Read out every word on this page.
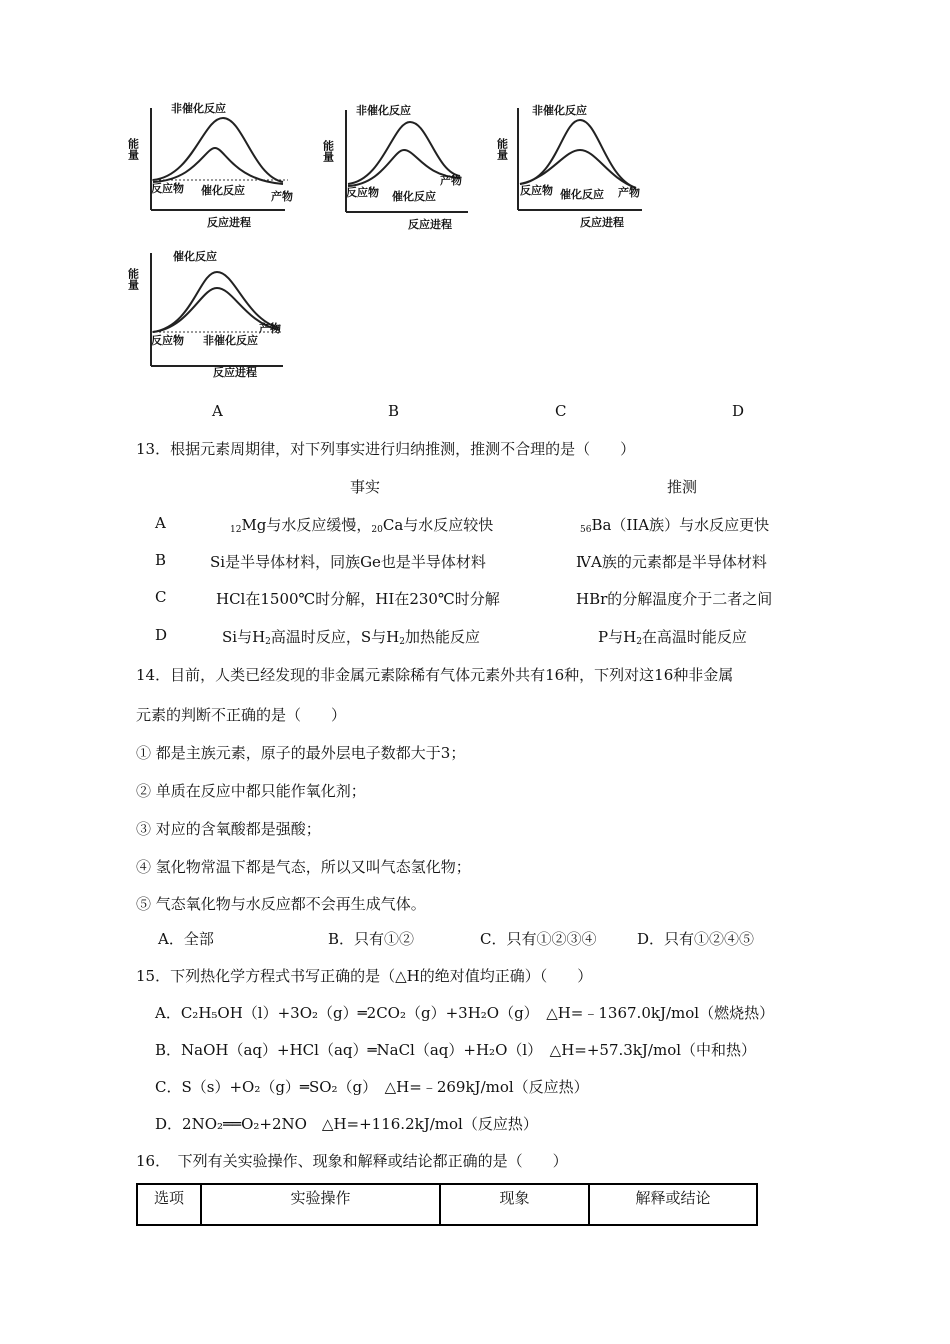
能量
非催化反应
反应物 催化反应 产物
反应进程
能量
非催化反应
反应物 催化反应
产物
反应进程
能量
非催化反应
反应物 催化反应 产物
反应进程
能量
催化反应
反应物 非催化反应
产物
反应进程
A	B	C	D
13．根据元素周期律，对下列事实进行归纳推测，推测不合理的是（　　）
事实	推测
A	$_{12}$Mg与水反应缓慢，$_{20}$Ca与水反应较快	$_{56}$Ba（IIA族）与水反应更快
B	Si是半导体材料，同族Ge也是半导体材料	ⅣA族的元素都是半导体材料
C	HCl在1500℃时分解，HI在230℃时分解	HBr的分解温度介于二者之间
D	Si与$H_2$高温时反应，S与$H_2$加热能反应	P与$H_2$在高温时能反应
14．目前，人类已经发现的非金属元素除稀有气体元素外共有16种，下列对这16种非金属
元素的判断不正确的是（　　）
① 都是主族元素，原子的最外层电子数都大于3；
② 单质在反应中都只能作氧化剂；
③ 对应的含氧酸都是强酸；
④ 氢化物常温下都是气态，所以又叫气态氢化物；
⑤ 气态氧化物与水反应都不会再生成气体。
A．全部	B．只有①②	C．只有①②③④	D．只有①②④⑤
15．下列热化学方程式书写正确的是（△H的绝对值均正确）（　　）
A．C₂H₅OH（l）+3O₂（g）═2CO₂（g）+3H₂O（g）　△H=﹣1367.0kJ/mol（燃烧热）
B．NaOH（aq）+HCl（aq）═NaCl（aq）+H₂O（l）　△H=+57.3kJ/mol（中和热）
C．S（s）+O₂（g）═SO₂（g）　△H=﹣269kJ/mol（反应热）
D．2NO₂══O₂+2NO　△H=+116.2kJ/mol（反应热）
16．　下列有关实验操作、现象和解释或结论都正确的是（　　）
选项	实验操作	现象	解释或结论
